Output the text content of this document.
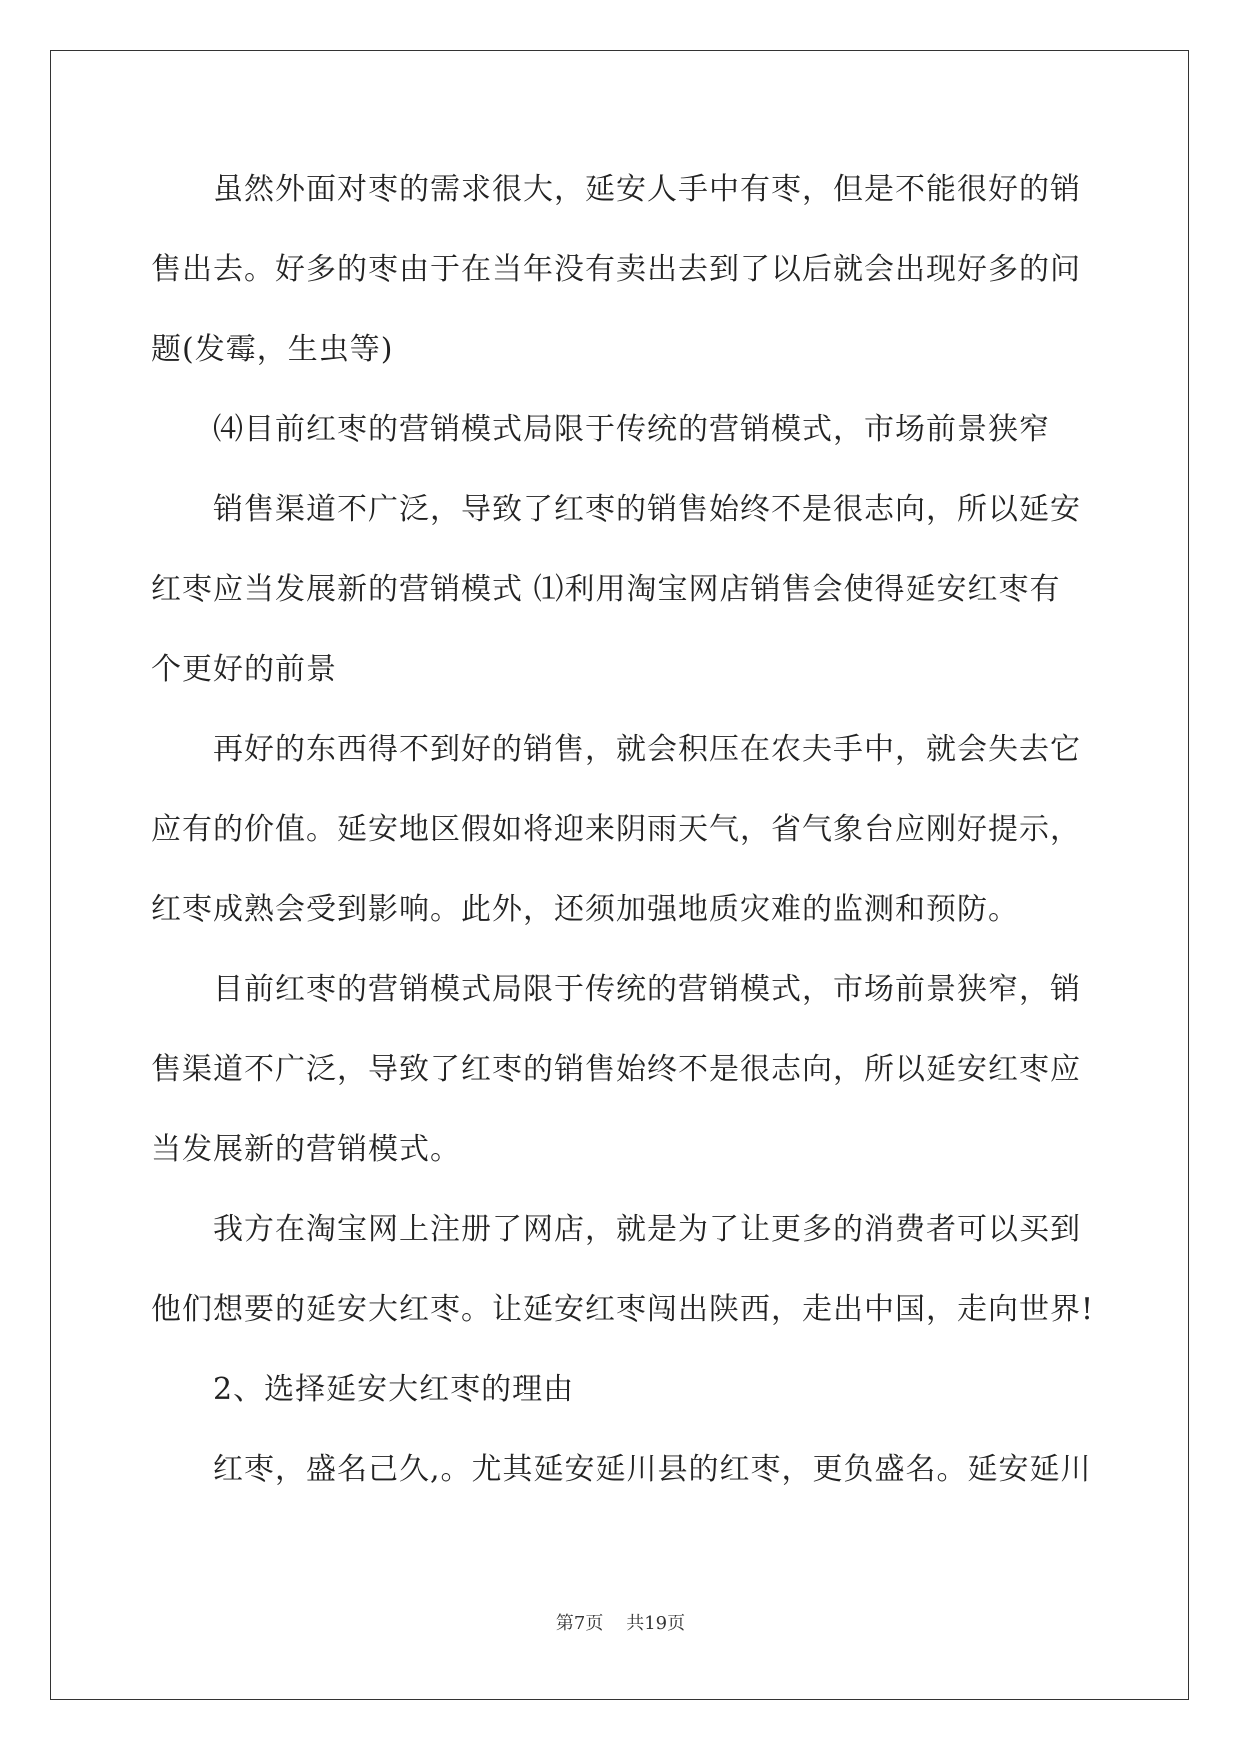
虽然外面对枣的需求很大，延安人手中有枣，但是不能很好的销
售出去。好多的枣由于在当年没有卖出去到了以后就会出现好多的问
题(发霉，生虫等)
⑷目前红枣的营销模式局限于传统的营销模式，市场前景狭窄
销售渠道不广泛，导致了红枣的销售始终不是很志向，所以延安
红枣应当发展新的营销模式 ⑴利用淘宝网店销售会使得延安红枣有
个更好的前景
再好的东西得不到好的销售，就会积压在农夫手中，就会失去它
应有的价值。延安地区假如将迎来阴雨天气，省气象台应刚好提示，
红枣成熟会受到影响。此外，还须加强地质灾难的监测和预防。
目前红枣的营销模式局限于传统的营销模式，市场前景狭窄，销
售渠道不广泛，导致了红枣的销售始终不是很志向，所以延安红枣应
当发展新的营销模式。
我方在淘宝网上注册了网店，就是为了让更多的消费者可以买到
他们想要的延安大红枣。让延安红枣闯出陕西，走出中国，走向世界!
2、选择延安大红枣的理由
红枣，盛名己久,。尤其延安延川县的红枣，更负盛名。延安延川
第7页 共19页
